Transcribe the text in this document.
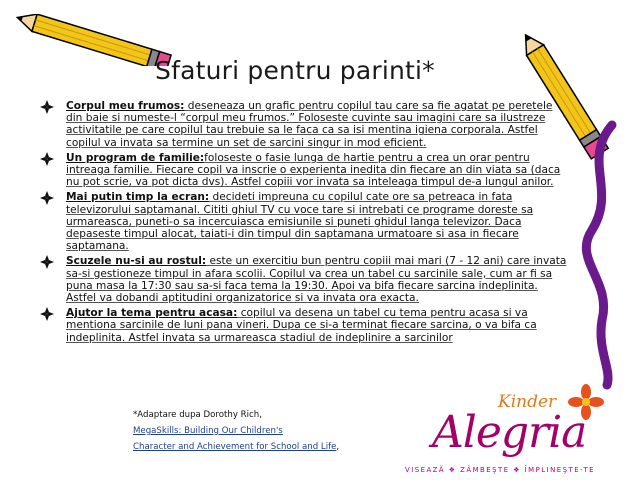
Sfaturi pentru parinti*
Corpul meu frumos: deseneaza un grafic pentru copilul tau care sa fie agatat pe peretele din baie si numeste-l “corpul meu frumos.” Foloseste cuvinte sau imagini care sa ilustreze activitatile pe care copilul tau trebuie sa le faca ca sa isi mentina igiena corporala. Astfel copilul va invata sa termine un set de sarcini singur in mod eficient.
Un program de familie:foloseste o fasie lunga de hartie pentru a crea un orar pentru intreaga familie. Fiecare copil va inscrie o experienta inedita din fiecare an din viata sa (daca nu pot scrie, va pot dicta dvs). Astfel copiii vor invata sa inteleaga timpul de-a lungul anilor.
Mai putin timp la ecran: decideti impreuna cu copilul cate ore sa petreaca in fata televizorului saptamanal. Cititi ghiul TV cu voce tare si intrebati ce programe doreste sa urmareasca, puneti-o sa incercuiasca emisiunile si puneti ghidul langa televizor. Daca depaseste timpul alocat, taiati-i din timpul din saptamana urmatoare si asa in fiecare saptamana.
Scuzele nu-si au rostul: este un exercitiu bun pentru copiii mai mari (7 - 12 ani) care invata sa-si gestioneze timpul in afara scolii. Copilul va crea un tabel cu sarcinile sale, cum ar fi sa puna masa la 17:30 sau sa-si faca tema la 19:30. Apoi va bifa fiecare sarcina indeplinita. Astfel va dobandi aptitudini organizatorice si va invata ora exacta.
Ajutor la tema pentru acasa: copilul va desena un tabel cu tema pentru acasa si va mentiona sarcinile de luni pana vineri. Dupa ce si-a terminat fiecare sarcina, o va bifa ca indeplinita. Astfel invata sa urmareasca stadiul de indeplinire a sarcinilor
*Adaptare dupa Dorothy Rich,
MegaSkills: Building Our Children's
Character and Achievement for School and Life,
Kinder
Alegria
VISEAZĂ ❖ ZÂMBEŞTE ❖ ÎMPLINEŞTE-TE
